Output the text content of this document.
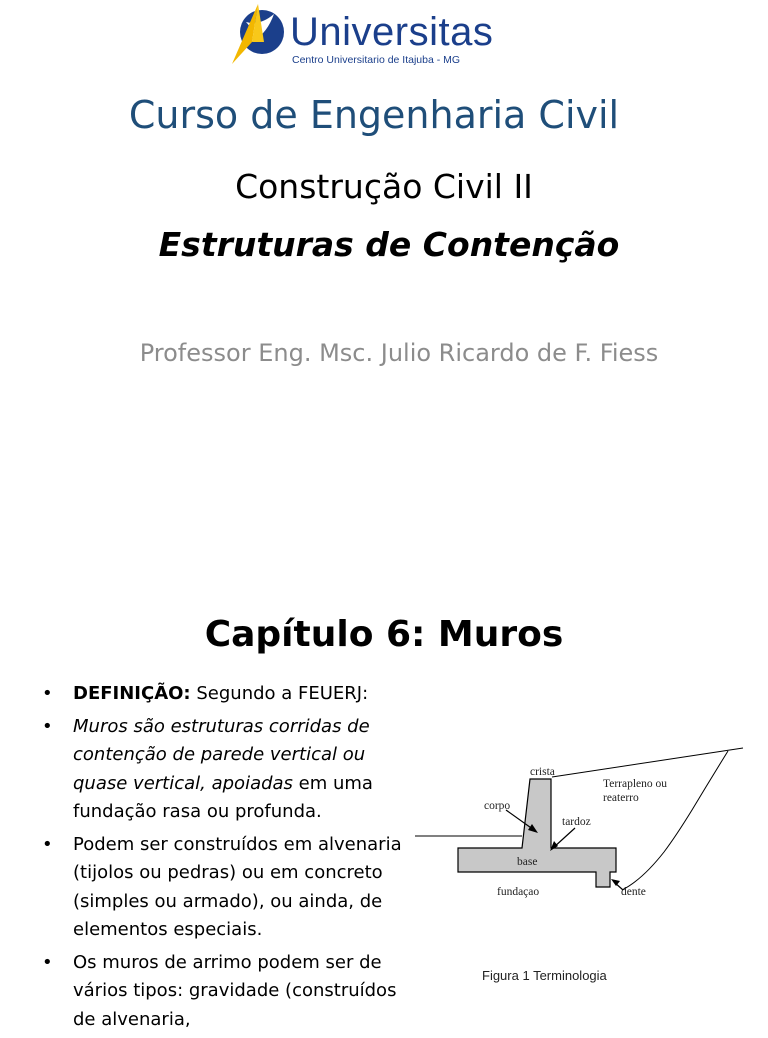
Universitas
Centro Universitario de Itajuba - MG
Curso de Engenharia Civil
Construção Civil II
Estruturas de Contenção
Professor Eng. Msc. Julio Ricardo de F. Fiess
Capítulo 6: Muros
• DEFINIÇÃO: Segundo a FEUERJ:
• Muros são estruturas corridas de contenção de parede vertical ou quase vertical, apoiadas em uma fundação rasa ou profunda.
• Podem ser construídos em alvenaria (tijolos ou pedras) ou em concreto (simples ou armado), ou ainda, de elementos especiais.
• Os muros de arrimo podem ser de vários tipos: gravidade (construídos de alvenaria,
crista
Terrapleno ou
reaterro
corpo
tardoz
base
fundaçao	dente
Figura 1 Terminologia
